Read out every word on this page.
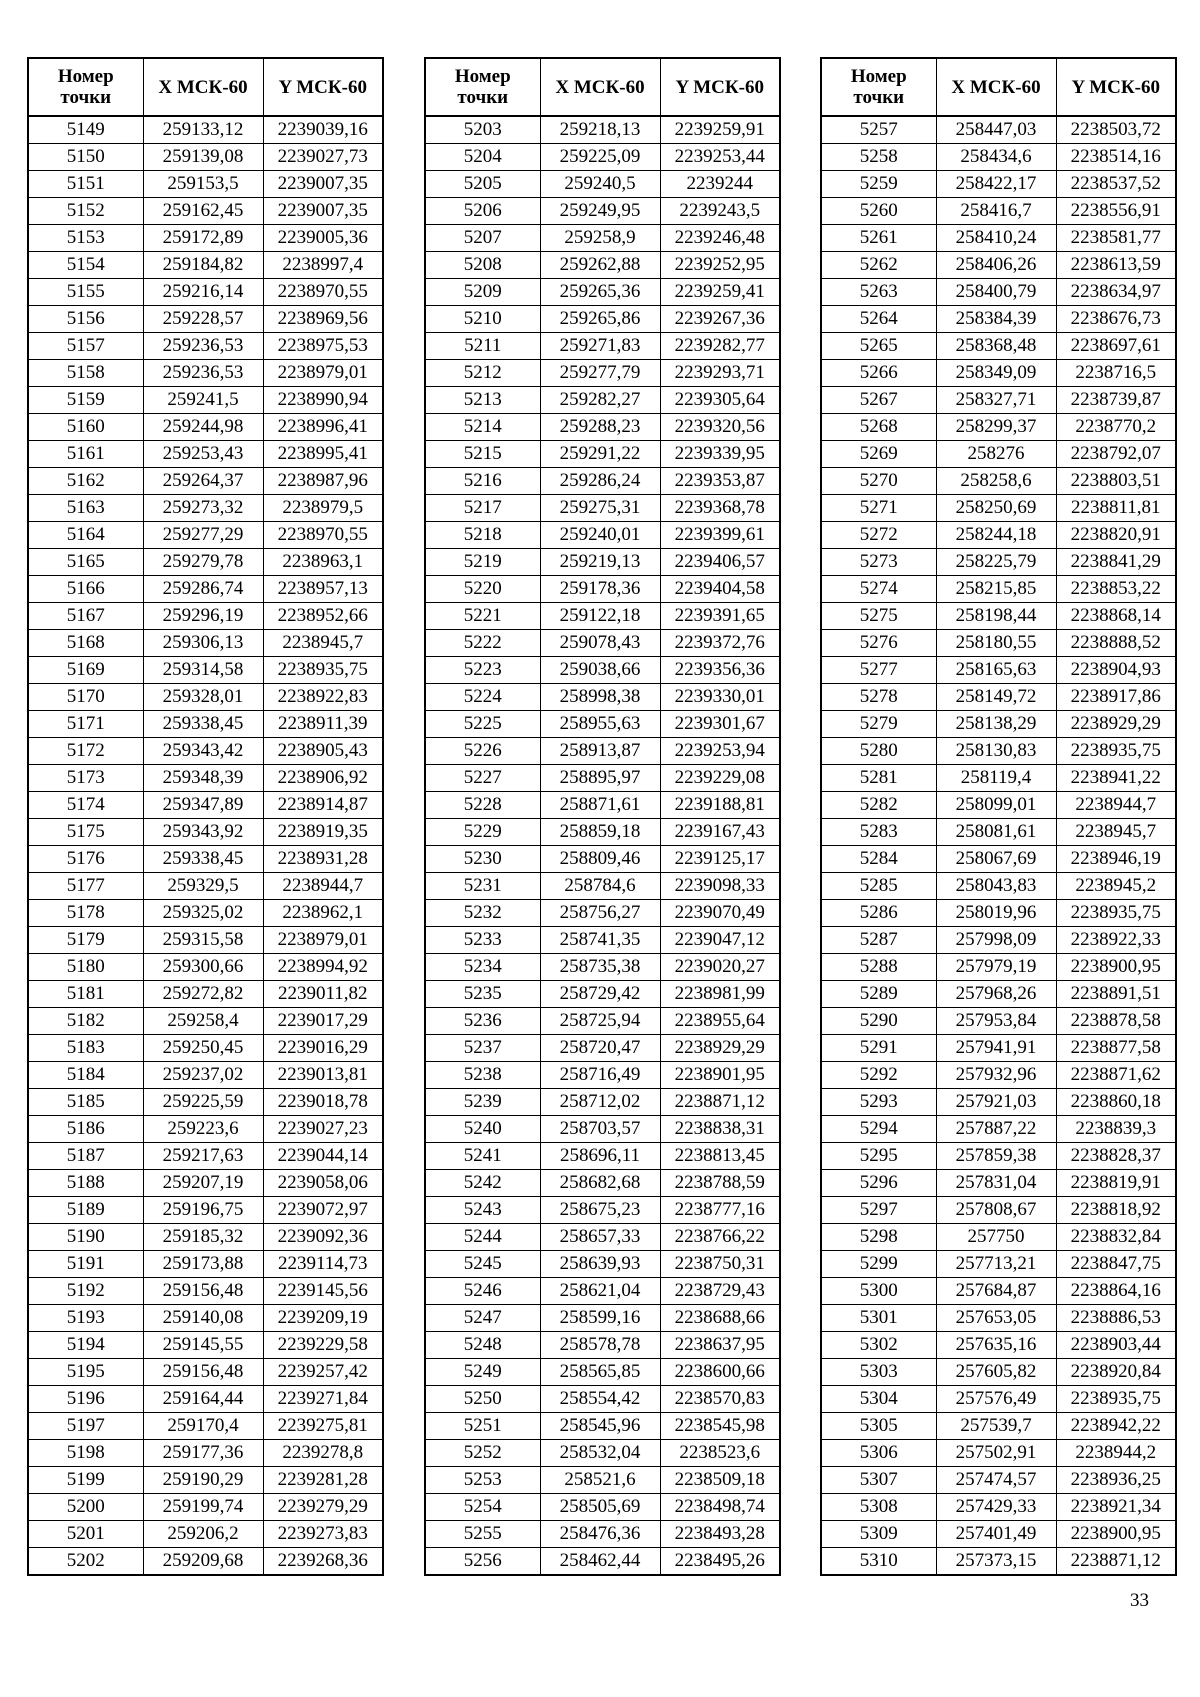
Номер
точки	X МСК-60	Y МСК-60
5149	259133,12	2239039,16
5150	259139,08	2239027,73
5151	259153,5	2239007,35
5152	259162,45	2239007,35
5153	259172,89	2239005,36
5154	259184,82	2238997,4
5155	259216,14	2238970,55
5156	259228,57	2238969,56
5157	259236,53	2238975,53
5158	259236,53	2238979,01
5159	259241,5	2238990,94
5160	259244,98	2238996,41
5161	259253,43	2238995,41
5162	259264,37	2238987,96
5163	259273,32	2238979,5
5164	259277,29	2238970,55
5165	259279,78	2238963,1
5166	259286,74	2238957,13
5167	259296,19	2238952,66
5168	259306,13	2238945,7
5169	259314,58	2238935,75
5170	259328,01	2238922,83
5171	259338,45	2238911,39
5172	259343,42	2238905,43
5173	259348,39	2238906,92
5174	259347,89	2238914,87
5175	259343,92	2238919,35
5176	259338,45	2238931,28
5177	259329,5	2238944,7
5178	259325,02	2238962,1
5179	259315,58	2238979,01
5180	259300,66	2238994,92
5181	259272,82	2239011,82
5182	259258,4	2239017,29
5183	259250,45	2239016,29
5184	259237,02	2239013,81
5185	259225,59	2239018,78
5186	259223,6	2239027,23
5187	259217,63	2239044,14
5188	259207,19	2239058,06
5189	259196,75	2239072,97
5190	259185,32	2239092,36
5191	259173,88	2239114,73
5192	259156,48	2239145,56
5193	259140,08	2239209,19
5194	259145,55	2239229,58
5195	259156,48	2239257,42
5196	259164,44	2239271,84
5197	259170,4	2239275,81
5198	259177,36	2239278,8
5199	259190,29	2239281,28
5200	259199,74	2239279,29
5201	259206,2	2239273,83
5202	259209,68	2239268,36
Номер
точки	X МСК-60	Y МСК-60
5203	259218,13	2239259,91
5204	259225,09	2239253,44
5205	259240,5	2239244
5206	259249,95	2239243,5
5207	259258,9	2239246,48
5208	259262,88	2239252,95
5209	259265,36	2239259,41
5210	259265,86	2239267,36
5211	259271,83	2239282,77
5212	259277,79	2239293,71
5213	259282,27	2239305,64
5214	259288,23	2239320,56
5215	259291,22	2239339,95
5216	259286,24	2239353,87
5217	259275,31	2239368,78
5218	259240,01	2239399,61
5219	259219,13	2239406,57
5220	259178,36	2239404,58
5221	259122,18	2239391,65
5222	259078,43	2239372,76
5223	259038,66	2239356,36
5224	258998,38	2239330,01
5225	258955,63	2239301,67
5226	258913,87	2239253,94
5227	258895,97	2239229,08
5228	258871,61	2239188,81
5229	258859,18	2239167,43
5230	258809,46	2239125,17
5231	258784,6	2239098,33
5232	258756,27	2239070,49
5233	258741,35	2239047,12
5234	258735,38	2239020,27
5235	258729,42	2238981,99
5236	258725,94	2238955,64
5237	258720,47	2238929,29
5238	258716,49	2238901,95
5239	258712,02	2238871,12
5240	258703,57	2238838,31
5241	258696,11	2238813,45
5242	258682,68	2238788,59
5243	258675,23	2238777,16
5244	258657,33	2238766,22
5245	258639,93	2238750,31
5246	258621,04	2238729,43
5247	258599,16	2238688,66
5248	258578,78	2238637,95
5249	258565,85	2238600,66
5250	258554,42	2238570,83
5251	258545,96	2238545,98
5252	258532,04	2238523,6
5253	258521,6	2238509,18
5254	258505,69	2238498,74
5255	258476,36	2238493,28
5256	258462,44	2238495,26
Номер
точки	X МСК-60	Y МСК-60
5257	258447,03	2238503,72
5258	258434,6	2238514,16
5259	258422,17	2238537,52
5260	258416,7	2238556,91
5261	258410,24	2238581,77
5262	258406,26	2238613,59
5263	258400,79	2238634,97
5264	258384,39	2238676,73
5265	258368,48	2238697,61
5266	258349,09	2238716,5
5267	258327,71	2238739,87
5268	258299,37	2238770,2
5269	258276	2238792,07
5270	258258,6	2238803,51
5271	258250,69	2238811,81
5272	258244,18	2238820,91
5273	258225,79	2238841,29
5274	258215,85	2238853,22
5275	258198,44	2238868,14
5276	258180,55	2238888,52
5277	258165,63	2238904,93
5278	258149,72	2238917,86
5279	258138,29	2238929,29
5280	258130,83	2238935,75
5281	258119,4	2238941,22
5282	258099,01	2238944,7
5283	258081,61	2238945,7
5284	258067,69	2238946,19
5285	258043,83	2238945,2
5286	258019,96	2238935,75
5287	257998,09	2238922,33
5288	257979,19	2238900,95
5289	257968,26	2238891,51
5290	257953,84	2238878,58
5291	257941,91	2238877,58
5292	257932,96	2238871,62
5293	257921,03	2238860,18
5294	257887,22	2238839,3
5295	257859,38	2238828,37
5296	257831,04	2238819,91
5297	257808,67	2238818,92
5298	257750	2238832,84
5299	257713,21	2238847,75
5300	257684,87	2238864,16
5301	257653,05	2238886,53
5302	257635,16	2238903,44
5303	257605,82	2238920,84
5304	257576,49	2238935,75
5305	257539,7	2238942,22
5306	257502,91	2238944,2
5307	257474,57	2238936,25
5308	257429,33	2238921,34
5309	257401,49	2238900,95
5310	257373,15	2238871,12
33
